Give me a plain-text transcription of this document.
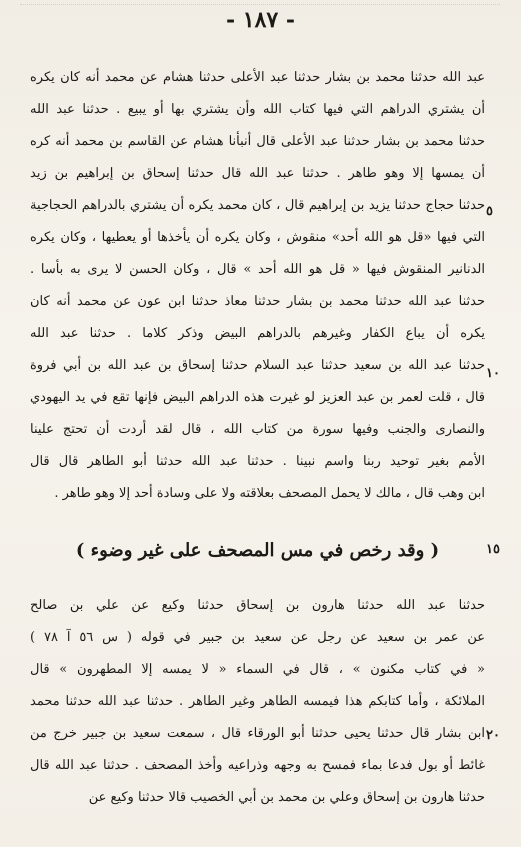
- ١٨٧ -
عبد الله حدثنا محمد بن بشار حدثنا عبد الأعلى حدثنا هشام عن محمد أنه كان يكره
أن يشتري الدراهم التي فيها كتاب الله وأن يشتري بها أو يبيع . حدثنا عبد الله
حدثنا محمد بن بشار حدثنا عبد الأعلى قال أنبأنا هشام عن القاسم بن محمد أنه كره
أن يمسها إلا وهو طاهر . حدثنا عبد الله قال حدثنا إسحاق بن إبراهيم بن زيد
حدثنا حجاج حدثنا يزيد بن إبراهيم قال ، كان محمد يكره أن يشتري بالدراهم الحجاجية
التي فيها «قل هو الله أحد» منقوش ، وكان يكره أن يأخذها أو يعطيها ، وكان يكره
الدنانير المنقوش فيها « قل هو الله أحد » قال ، وكان الحسن لا يرى به بأسا .
حدثنا عبد الله حدثنا محمد بن بشار حدثنا معاذ حدثنا ابن عون عن محمد أنه كان
يكره أن يباع الكفار وغيرهم بالدراهم البيض وذكر كلاما . حدثنا عبد الله
حدثنا عبد الله بن سعيد حدثنا عبد السلام حدثنا إسحاق بن عبد الله بن أبي فروة
قال ، قلت لعمر بن عبد العزيز لو غيرت هذه الدراهم البيض فإنها تقع في يد اليهودي
والنصارى والجنب وفيها سورة من كتاب الله ، قال لقد أردت أن تحتج علينا
الأمم بغير توحيد ربنا واسم نبينا . حدثنا عبد الله حدثنا أبو الطاهر قال قال
ابن وهب قال ، مالك لا يحمل المصحف بعلاقته ولا على وسادة أحد إلا وهو طاهر .
٥
١٠
( وقد رخص في مس المصحف على غير وضوء )	١٥
حدثنا عبد الله حدثنا هارون بن إسحاق حدثنا وكيع عن علي بن صالح
عن عمر بن سعيد عن رجل عن سعيد بن جبير في قوله ( س ٥٦ آ ٧٨ )
« في كتاب مكنون » ، قال في السماء « لا يمسه إلا المطهرون » قال
الملائكة ، وأما كتابكم هذا فيمسه الطاهر وغير الطاهر . حدثنا عبد الله حدثنا محمد
ابن بشار قال حدثنا يحيى حدثنا أبو الورقاء قال ، سمعت سعيد بن جبير خرج من
غائط أو بول فدعا بماء فمسح به وجهه وذراعيه وأخذ المصحف . حدثنا عبد الله قال
حدثنا هارون بن إسحاق وعلي بن محمد بن أبي الخصيب قالا حدثنا وكيع عن
٢٠
